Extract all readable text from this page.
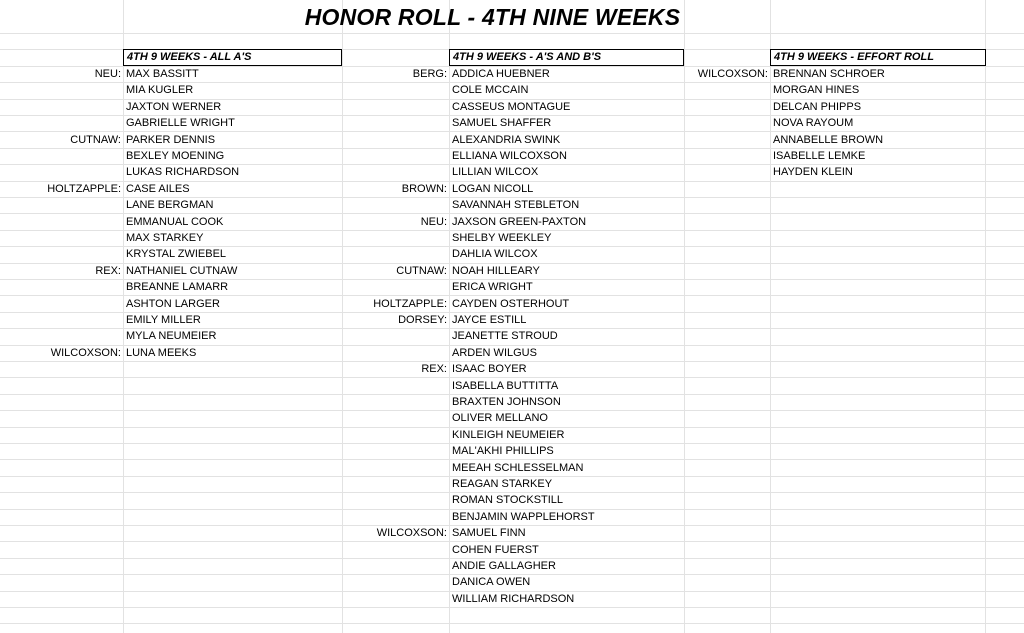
HONOR ROLL - 4TH NINE WEEKS
4TH 9 WEEKS - ALL A'S
NEU: MAX BASSITT
MIA KUGLER
JAXTON WERNER
GABRIELLE WRIGHT
CUTNAW: PARKER DENNIS
BEXLEY MOENING
LUKAS RICHARDSON
HOLTZAPPLE: CASE AILES
LANE BERGMAN
EMMANUAL COOK
MAX STARKEY
KRYSTAL ZWIEBEL
REX: NATHANIEL CUTNAW
BREANNE LAMARR
ASHTON LARGER
EMILY MILLER
MYLA NEUMEIER
WILCOXSON: LUNA MEEKS
4TH 9 WEEKS - A'S AND B'S
BERG: ADDICA HUEBNER
COLE MCCAIN
CASSEUS MONTAGUE
SAMUEL SHAFFER
ALEXANDRIA SWINK
ELLIANA WILCOXSON
LILLIAN WILCOX
BROWN: LOGAN NICOLL
SAVANNAH STEBLETON
NEU: JAXSON GREEN-PAXTON
SHELBY WEEKLEY
DAHLIA WILCOX
CUTNAW: NOAH HILLEARY
ERICA WRIGHT
HOLTZAPPLE: CAYDEN OSTERHOUT
DORSEY: JAYCE ESTILL
JEANETTE STROUD
ARDEN WILGUS
REX: ISAAC BOYER
ISABELLA BUTTITTA
BRAXTEN JOHNSON
OLIVER MELLANO
KINLEIGH NEUMEIER
MAL'AKHI PHILLIPS
MEEAH SCHLESSELMAN
REAGAN STARKEY
ROMAN STOCKSTILL
BENJAMIN WAPPLEHORST
WILCOXSON: SAMUEL FINN
COHEN FUERST
ANDIE GALLAGHER
DANICA OWEN
WILLIAM RICHARDSON
4TH 9 WEEKS - EFFORT ROLL
WILCOXSON: BRENNAN SCHROER
MORGAN HINES
DELCAN PHIPPS
NOVA RAYOUM
ANNABELLE BROWN
ISABELLE LEMKE
HAYDEN KLEIN
